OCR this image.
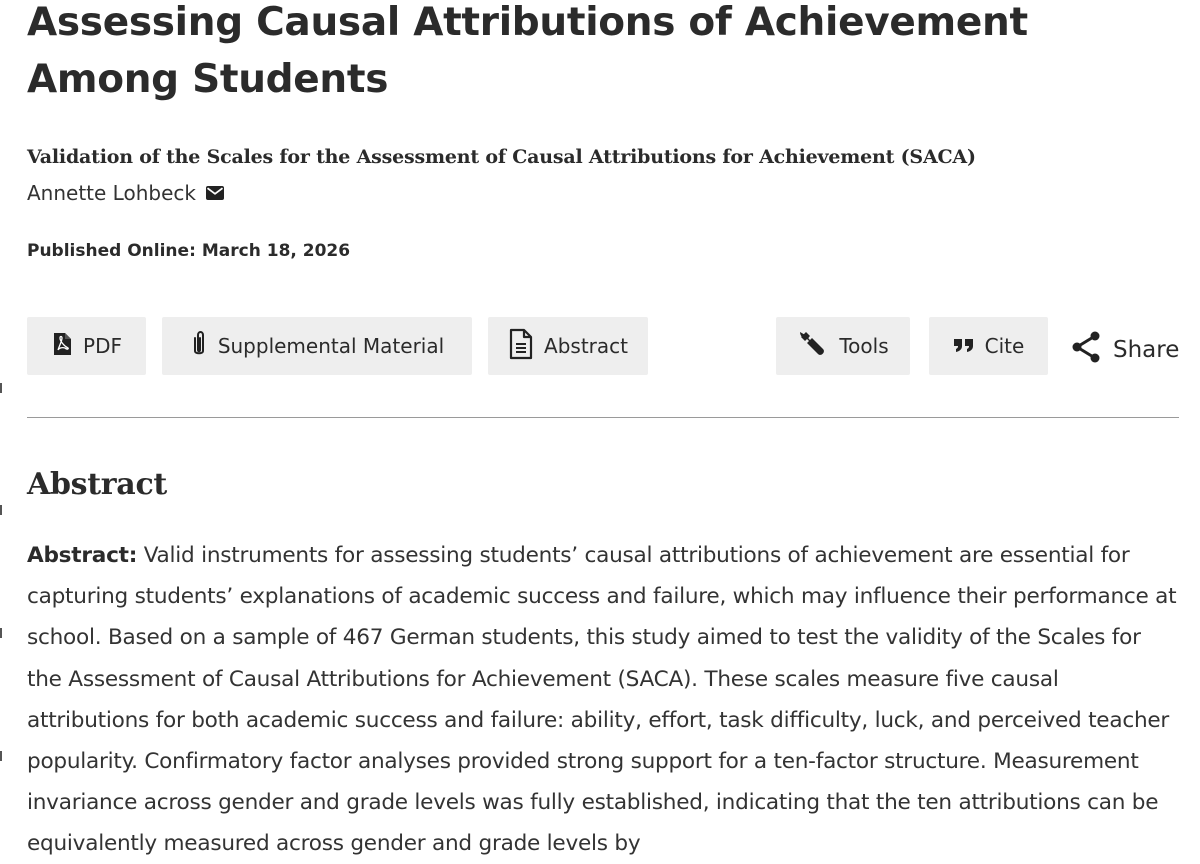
Assessing Causal Attributions of Achievement Among Students
Validation of the Scales for the Assessment of Causal Attributions for Achievement (SACA)
Annette Lohbeck
Published Online: March 18, 2026
PDF	Supplemental Material	Abstract	Tools	Cite	Share
Abstract

Abstract: Valid instruments for assessing students’ causal attributions of achievement are essential for capturing students’ explanations of academic success and failure, which may influence their performance at school. Based on a sample of 467 German students, this study aimed to test the validity of the Scales for the Assessment of Causal Attributions for Achievement (SACA). These scales measure five causal attributions for both academic success and failure: ability, effort, task difficulty, luck, and perceived teacher popularity. Confirmatory factor analyses provided strong support for a ten-factor structure. Measurement invariance across gender and grade levels was fully established, indicating that the ten attributions can be equivalently measured across gender and grade levels by
